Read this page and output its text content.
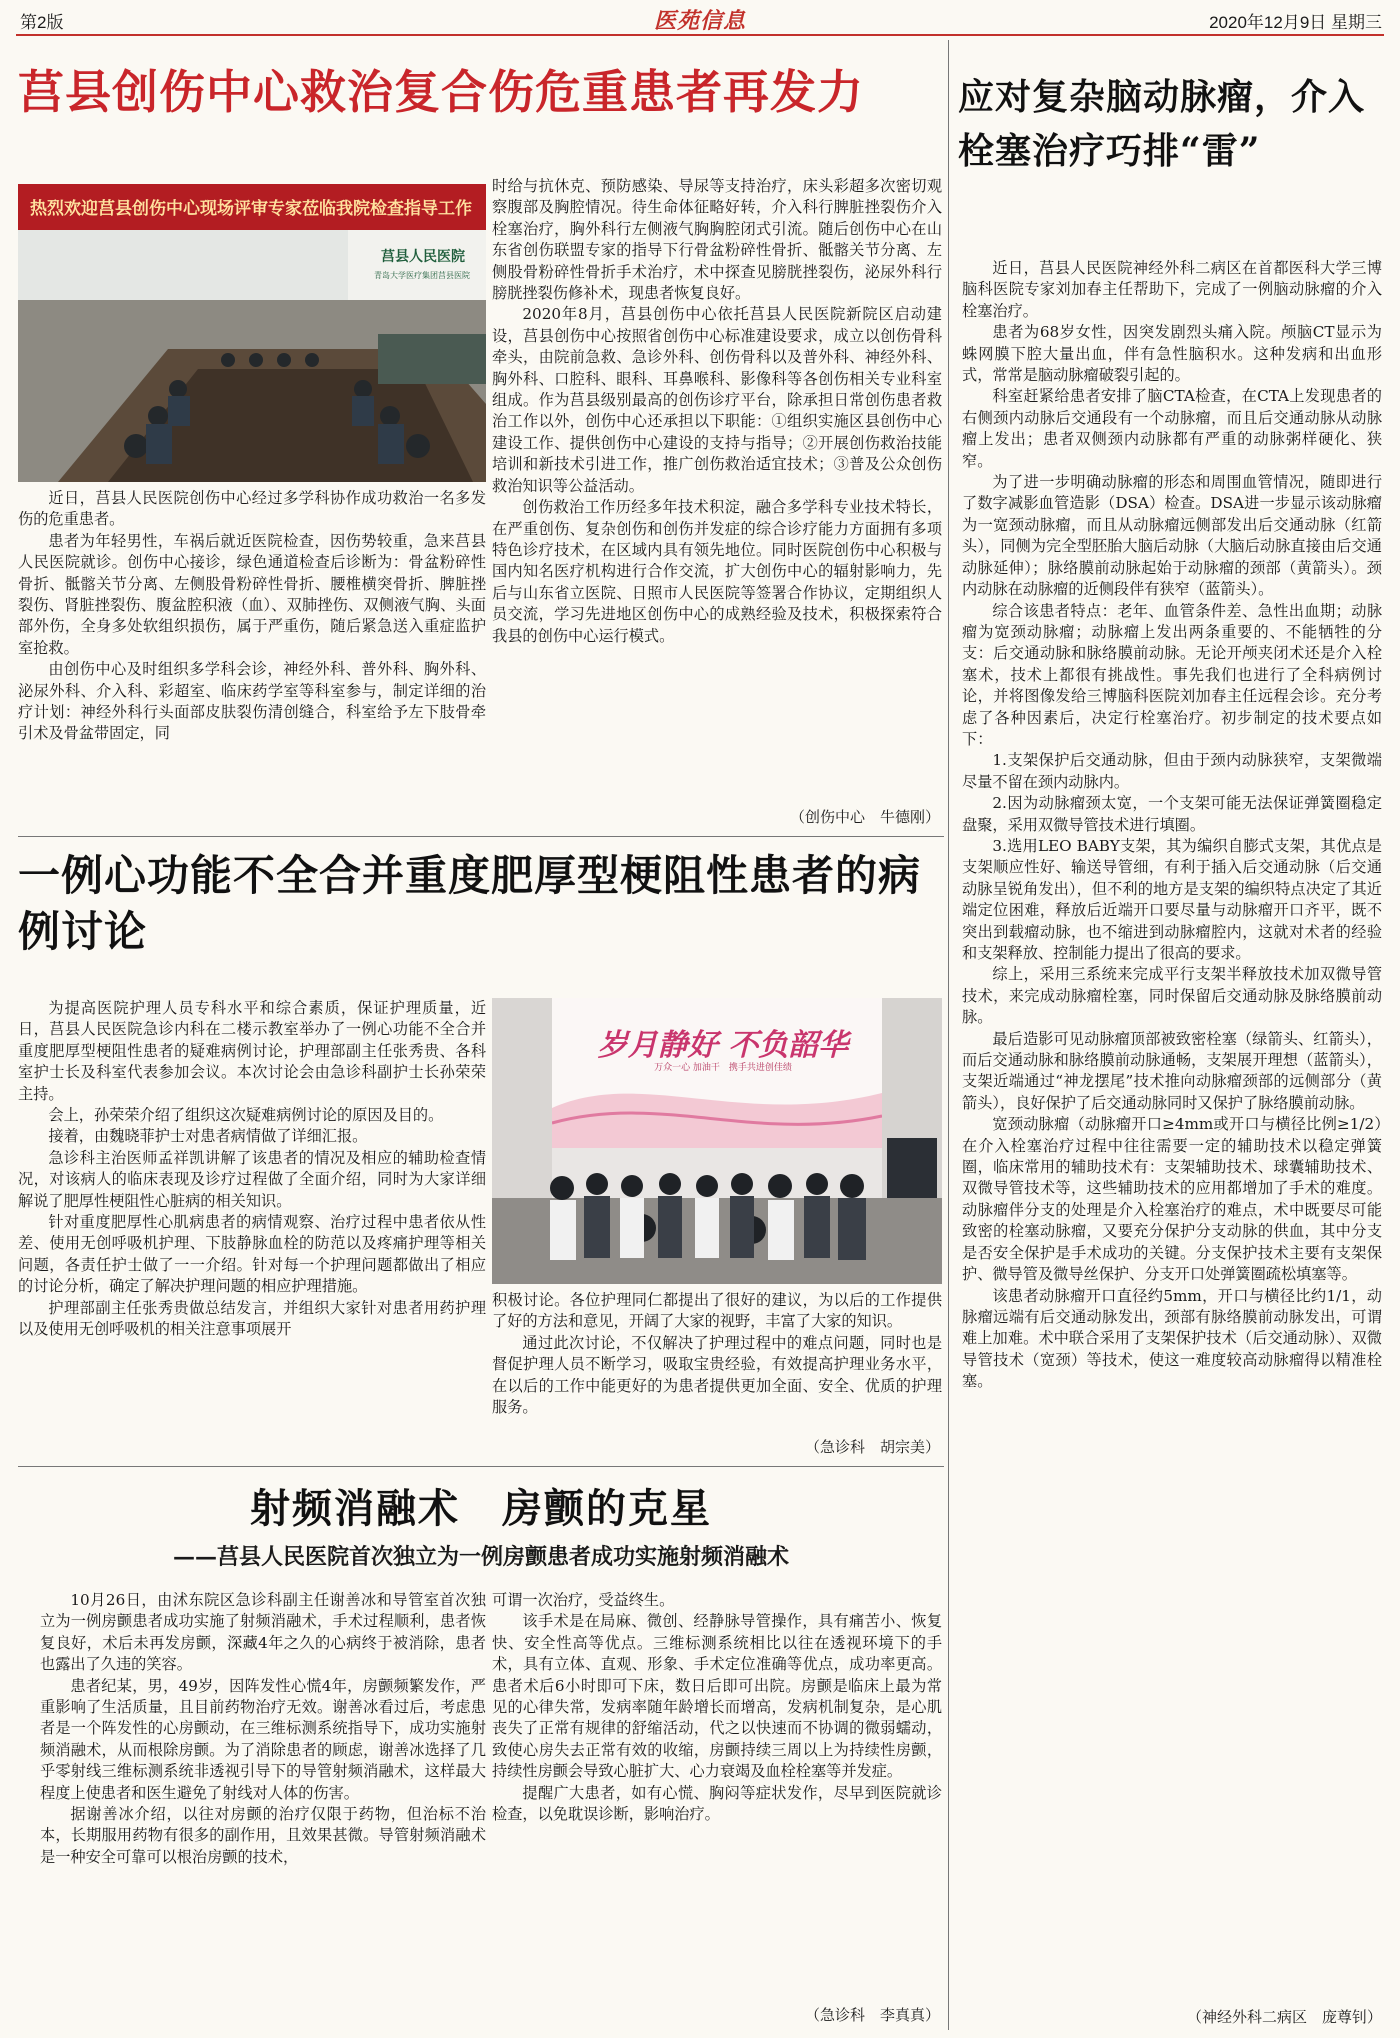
第2版	医苑信息	2020年12月9日 星期三
莒县创伤中心救治复合伤危重患者再发力
热烈欢迎莒县创伤中心现场评审专家莅临我院检查指导工作
莒县人民医院
青岛大学医疗集团莒县医院

近日，莒县人民医院创伤中心经过多学科协作成功救治一名多发伤的危重患者。

患者为年轻男性，车祸后就近医院检查，因伤势较重，急来莒县人民医院就诊。创伤中心接诊，绿色通道检查后诊断为：骨盆粉碎性骨折、骶髂关节分离、左侧股骨粉碎性骨折、腰椎横突骨折、脾脏挫裂伤、肾脏挫裂伤、腹盆腔积液（血）、双肺挫伤、双侧液气胸、头面部外伤，全身多处软组织损伤，属于严重伤，随后紧急送入重症监护室抢救。

由创伤中心及时组织多学科会诊，神经外科、普外科、胸外科、泌尿外科、介入科、彩超室、临床药学室等科室参与，制定详细的治疗计划：神经外科行头面部皮肤裂伤清创缝合，科室给予左下肢骨牵引术及骨盆带固定，同

时给与抗休克、预防感染、导尿等支持治疗，床头彩超多次密切观察腹部及胸腔情况。待生命体征略好转，介入科行脾脏挫裂伤介入栓塞治疗，胸外科行左侧液气胸胸腔闭式引流。随后创伤中心在山东省创伤联盟专家的指导下行骨盆粉碎性骨折、骶髂关节分离、左侧股骨粉碎性骨折手术治疗，术中探查见膀胱挫裂伤，泌尿外科行膀胱挫裂伤修补术，现患者恢复良好。

2020年8月，莒县创伤中心依托莒县人民医院新院区启动建设，莒县创伤中心按照省创伤中心标准建设要求，成立以创伤骨科牵头，由院前急救、急诊外科、创伤骨科以及普外科、神经外科、胸外科、口腔科、眼科、耳鼻喉科、影像科等各创伤相关专业科室组成。作为莒县级别最高的创伤诊疗平台，除承担日常创伤患者救治工作以外，创伤中心还承担以下职能：①组织实施区县创伤中心建设工作、提供创伤中心建设的支持与指导；②开展创伤救治技能培训和新技术引进工作，推广创伤救治适宜技术；③普及公众创伤救治知识等公益活动。

创伤救治工作历经多年技术积淀，融合多学科专业技术特长，在严重创伤、复杂创伤和创伤并发症的综合诊疗能力方面拥有多项特色诊疗技术，在区域内具有领先地位。同时医院创伤中心积极与国内知名医疗机构进行合作交流，扩大创伤中心的辐射影响力，先后与山东省立医院、日照市人民医院等签署合作协议，定期组织人员交流，学习先进地区创伤中心的成熟经验及技术，积极探索符合我县的创伤中心运行模式。

（创伤中心　牛德刚）
一例心功能不全合并重度肥厚型梗阻性患者的病例讨论

为提高医院护理人员专科水平和综合素质，保证护理质量，近日，莒县人民医院急诊内科在二楼示教室举办了一例心功能不全合并重度肥厚型梗阻性患者的疑难病例讨论，护理部副主任张秀贵、各科室护士长及科室代表参加会议。本次讨论会由急诊科副护士长孙荣荣主持。

会上，孙荣荣介绍了组织这次疑难病例讨论的原因及目的。

接着，由魏晓菲护士对患者病情做了详细汇报。

急诊科主治医师孟祥凯讲解了该患者的情况及相应的辅助检查情况，对该病人的临床表现及诊疗过程做了全面介绍，同时为大家详细解说了肥厚性梗阻性心脏病的相关知识。

针对重度肥厚性心肌病患者的病情观察、治疗过程中患者依从性差、使用无创呼吸机护理、下肢静脉血栓的防范以及疼痛护理等相关问题，各责任护士做了一一介绍。针对每一个护理问题都做出了相应的讨论分析，确定了解决护理问题的相应护理措施。

护理部副主任张秀贵做总结发言，并组织大家针对患者用药护理以及使用无创呼吸机的相关注意事项展开

岁月静好 不负韶华
万众一心 加油干　携手共进创佳绩

积极讨论。各位护理同仁都提出了很好的建议，为以后的工作提供了好的方法和意见，开阔了大家的视野，丰富了大家的知识。

通过此次讨论，不仅解决了护理过程中的难点问题，同时也是督促护理人员不断学习，吸取宝贵经验，有效提高护理业务水平，在以后的工作中能更好的为患者提供更加全面、安全、优质的护理服务。

（急诊科　胡宗美）
射频消融术　房颤的克星
——莒县人民医院首次独立为一例房颤患者成功实施射频消融术

10月26日，由沭东院区急诊科副主任谢善冰和导管室首次独立为一例房颤患者成功实施了射频消融术，手术过程顺利，患者恢复良好，术后未再发房颤，深藏4年之久的心病终于被消除，患者也露出了久违的笑容。

患者纪某，男，49岁，因阵发性心慌4年，房颤频繁发作，严重影响了生活质量，且目前药物治疗无效。谢善冰看过后，考虑患者是一个阵发性的心房颤动，在三维标测系统指导下，成功实施射频消融术，从而根除房颤。为了消除患者的顾虑，谢善冰选择了几乎零射线三维标测系统非透视引导下的导管射频消融术，这样最大程度上使患者和医生避免了射线对人体的伤害。

据谢善冰介绍，以往对房颤的治疗仅限于药物，但治标不治本，长期服用药物有很多的副作用，且效果甚微。导管射频消融术是一种安全可靠可以根治房颤的技术，

可谓一次治疗，受益终生。

该手术是在局麻、微创、经静脉导管操作，具有痛苦小、恢复快、安全性高等优点。三维标测系统相比以往在透视环境下的手术，具有立体、直观、形象、手术定位准确等优点，成功率更高。患者术后6小时即可下床，数日后即可出院。房颤是临床上最为常见的心律失常，发病率随年龄增长而增高，发病机制复杂，是心肌丧失了正常有规律的舒缩活动，代之以快速而不协调的微弱蠕动，致使心房失去正常有效的收缩，房颤持续三周以上为持续性房颤，持续性房颤会导致心脏扩大、心力衰竭及血栓栓塞等并发症。

提醒广大患者，如有心慌、胸闷等症状发作，尽早到医院就诊检查，以免耽误诊断，影响治疗。

（急诊科　李真真）
应对复杂脑动脉瘤，介入栓塞治疗巧排“雷”

近日，莒县人民医院神经外科二病区在首都医科大学三博脑科医院专家刘加春主任帮助下，完成了一例脑动脉瘤的介入栓塞治疗。

患者为68岁女性，因突发剧烈头痛入院。颅脑CT显示为蛛网膜下腔大量出血，伴有急性脑积水。这种发病和出血形式，常常是脑动脉瘤破裂引起的。

科室赶紧给患者安排了脑CTA检查，在CTA上发现患者的右侧颈内动脉后交通段有一个动脉瘤，而且后交通动脉从动脉瘤上发出；患者双侧颈内动脉都有严重的动脉粥样硬化、狭窄。

为了进一步明确动脉瘤的形态和周围血管情况，随即进行了数字减影血管造影（DSA）检查。DSA进一步显示该动脉瘤为一宽颈动脉瘤，而且从动脉瘤远侧部发出后交通动脉（红箭头），同侧为完全型胚胎大脑后动脉（大脑后动脉直接由后交通动脉延伸）；脉络膜前动脉起始于动脉瘤的颈部（黄箭头）。颈内动脉在动脉瘤的近侧段伴有狭窄（蓝箭头）。

综合该患者特点：老年、血管条件差、急性出血期；动脉瘤为宽颈动脉瘤；动脉瘤上发出两条重要的、不能牺牲的分支：后交通动脉和脉络膜前动脉。无论开颅夹闭术还是介入栓塞术，技术上都很有挑战性。事先我们也进行了全科病例讨论，并将图像发给三博脑科医院刘加春主任远程会诊。充分考虑了各种因素后，决定行栓塞治疗。初步制定的技术要点如下：

1.支架保护后交通动脉，但由于颈内动脉狭窄，支架微端尽量不留在颈内动脉内。

2.因为动脉瘤颈太宽，一个支架可能无法保证弹簧圈稳定盘聚，采用双微导管技术进行填圈。

3.选用LEO BABY支架，其为编织自膨式支架，其优点是支架顺应性好、输送导管细，有利于插入后交通动脉（后交通动脉呈锐角发出），但不利的地方是支架的编织特点决定了其近端定位困难，释放后近端开口要尽量与动脉瘤开口齐平，既不突出到载瘤动脉，也不缩进到动脉瘤腔内，这就对术者的经验和支架释放、控制能力提出了很高的要求。

综上，采用三系统来完成平行支架半释放技术加双微导管技术，来完成动脉瘤栓塞，同时保留后交通动脉及脉络膜前动脉。

最后造影可见动脉瘤顶部被致密栓塞（绿箭头、红箭头），而后交通动脉和脉络膜前动脉通畅，支架展开理想（蓝箭头），支架近端通过“神龙摆尾”技术推向动脉瘤颈部的远侧部分（黄箭头），良好保护了后交通动脉同时又保护了脉络膜前动脉。

宽颈动脉瘤（动脉瘤开口≥4mm或开口与横径比例≥1/2）在介入栓塞治疗过程中往往需要一定的辅助技术以稳定弹簧圈，临床常用的辅助技术有：支架辅助技术、球囊辅助技术、双微导管技术等，这些辅助技术的应用都增加了手术的难度。动脉瘤伴分支的处理是介入栓塞治疗的难点，术中既要尽可能致密的栓塞动脉瘤，又要充分保护分支动脉的供血，其中分支是否安全保护是手术成功的关键。分支保护技术主要有支架保护、微导管及微导丝保护、分支开口处弹簧圈疏松填塞等。

该患者动脉瘤开口直径约5mm，开口与横径比约1/1，动脉瘤远端有后交通动脉发出，颈部有脉络膜前动脉发出，可谓难上加难。术中联合采用了支架保护技术（后交通动脉）、双微导管技术（宽颈）等技术，使这一难度较高动脉瘤得以精准栓塞。

（神经外科二病区　庞尊钊）
